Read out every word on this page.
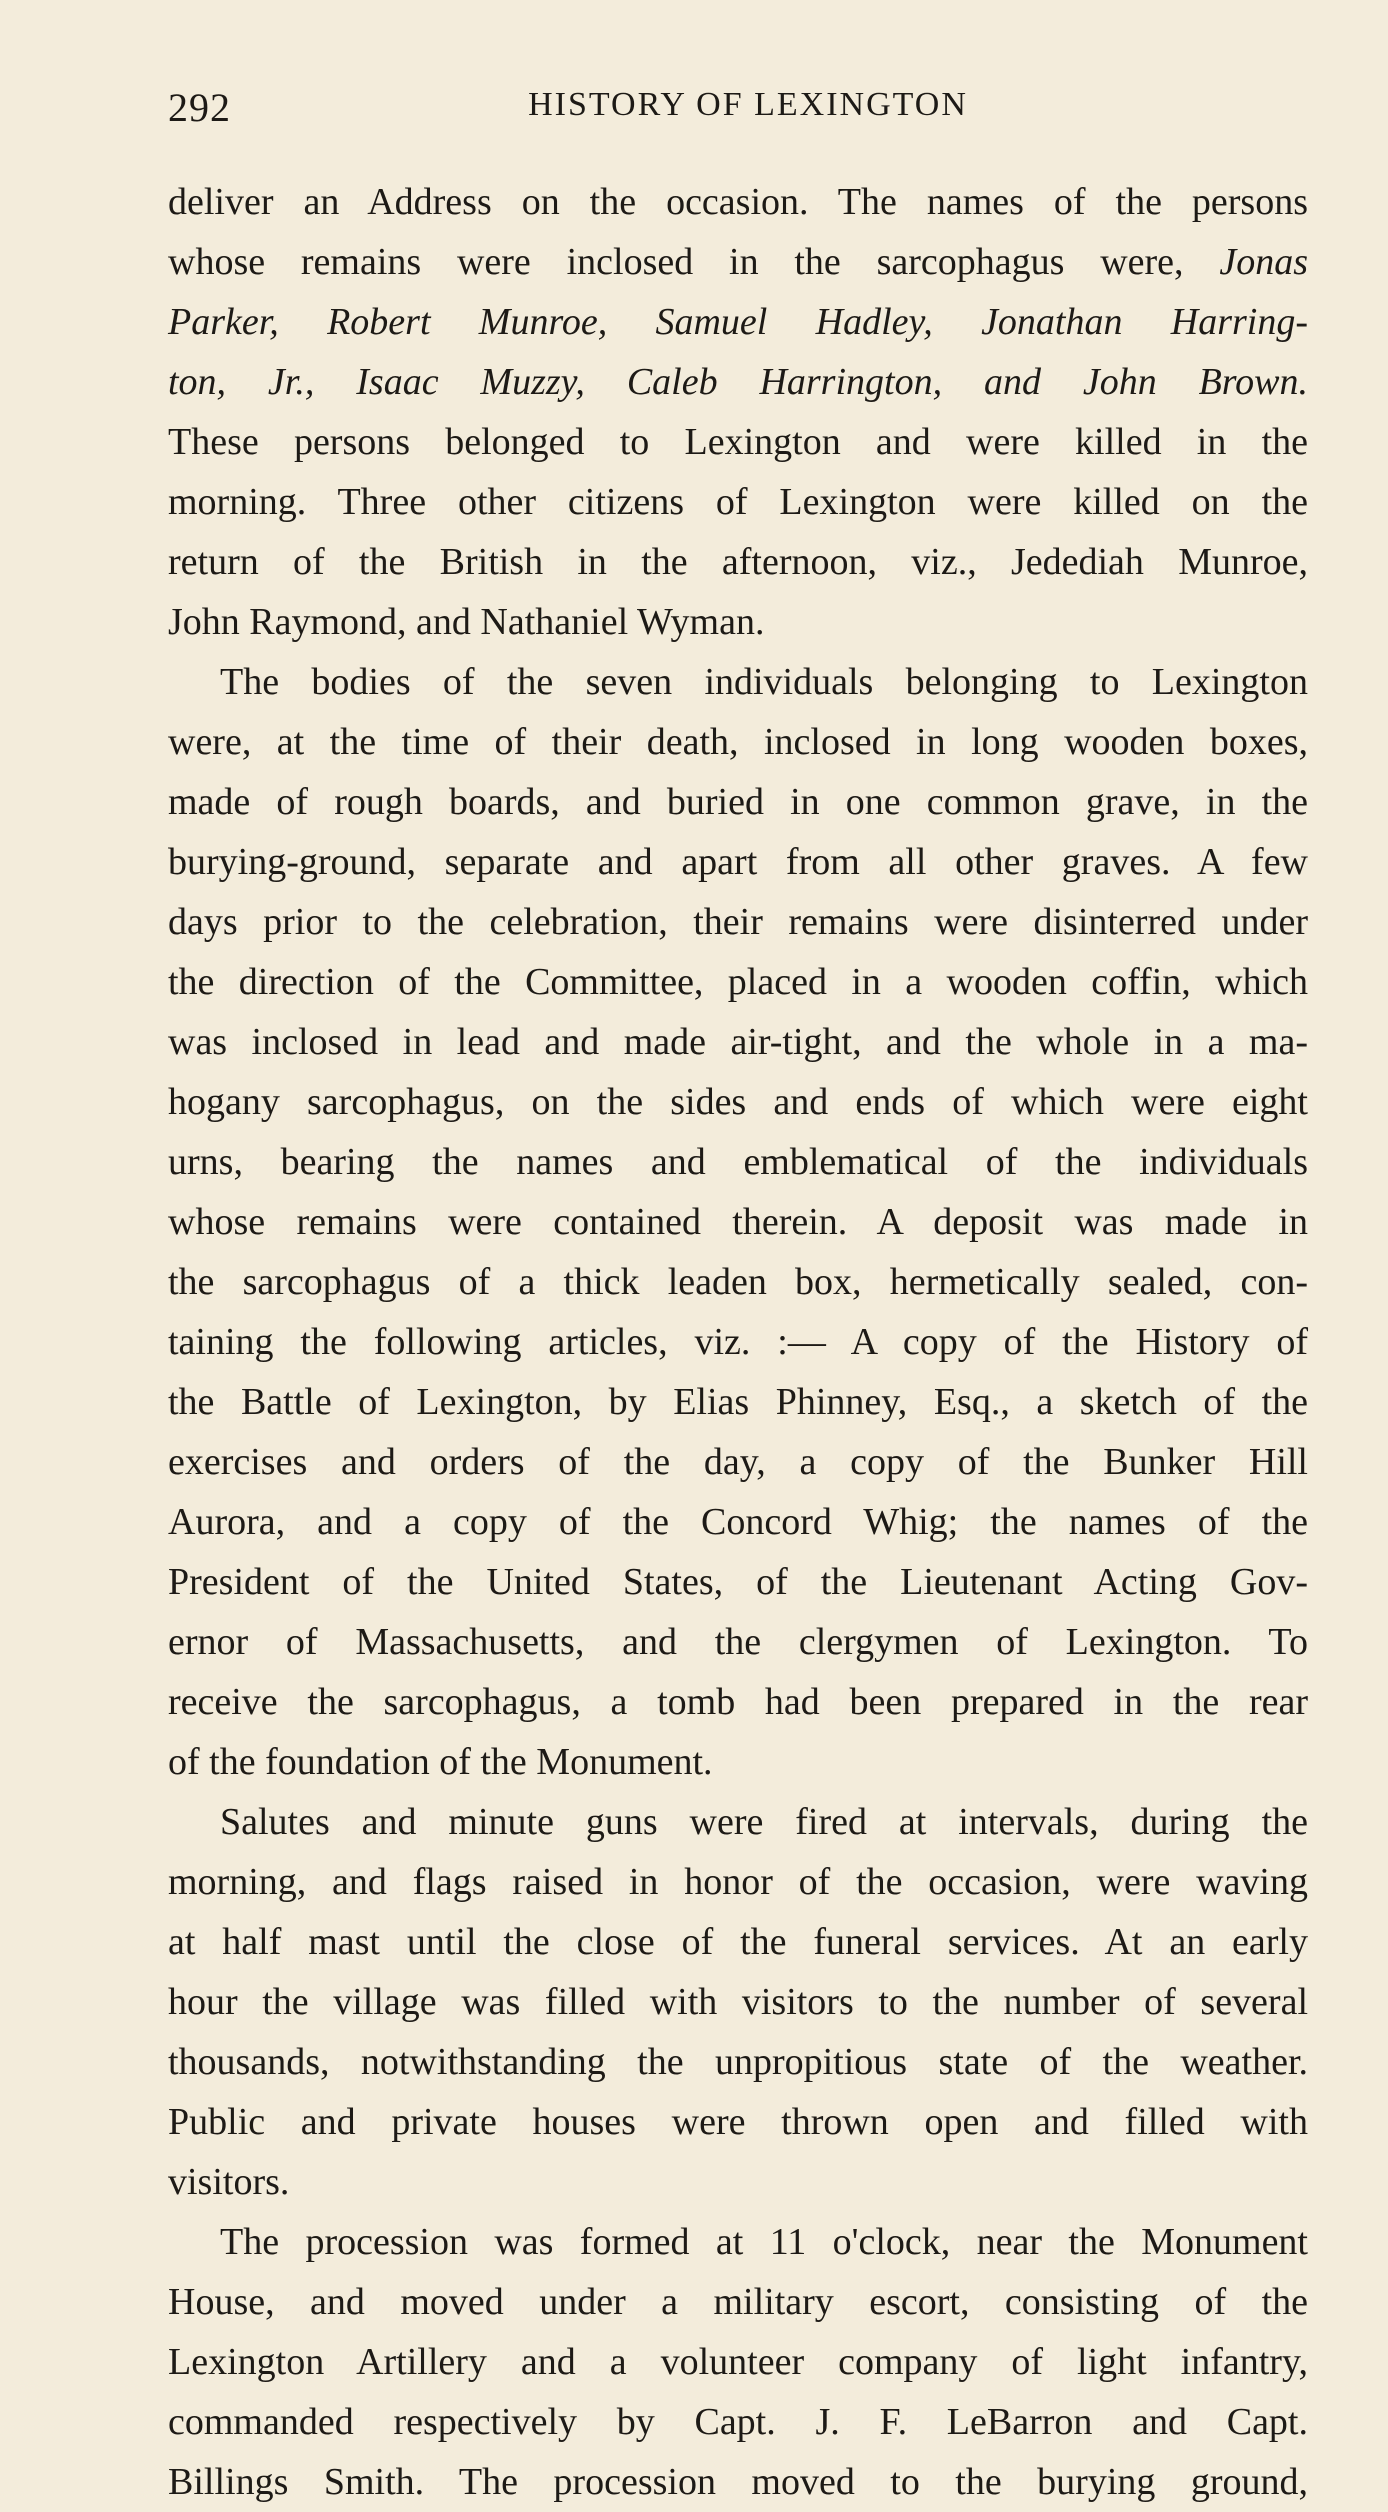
292	HISTORY OF LEXINGTON
deliver an Address on the occasion. The names of the persons
whose remains were inclosed in the sarcophagus were, Jonas
Parker, Robert Munroe, Samuel Hadley, Jonathan Harring-
ton, Jr., Isaac Muzzy, Caleb Harrington, and John Brown.
These persons belonged to Lexington and were killed in the
morning. Three other citizens of Lexington were killed on the
return of the British in the afternoon, viz., Jedediah Munroe,
John Raymond, and Nathaniel Wyman.
The bodies of the seven individuals belonging to Lexington
were, at the time of their death, inclosed in long wooden boxes,
made of rough boards, and buried in one common grave, in the
burying-ground, separate and apart from all other graves. A few
days prior to the celebration, their remains were disinterred under
the direction of the Committee, placed in a wooden coffin, which
was inclosed in lead and made air-tight, and the whole in a ma-
hogany sarcophagus, on the sides and ends of which were eight
urns, bearing the names and emblematical of the individuals
whose remains were contained therein. A deposit was made in
the sarcophagus of a thick leaden box, hermetically sealed, con-
taining the following articles, viz. :— A copy of the History of
the Battle of Lexington, by Elias Phinney, Esq., a sketch of the
exercises and orders of the day, a copy of the Bunker Hill
Aurora, and a copy of the Concord Whig; the names of the
President of the United States, of the Lieutenant Acting Gov-
ernor of Massachusetts, and the clergymen of Lexington. To
receive the sarcophagus, a tomb had been prepared in the rear
of the foundation of the Monument.
Salutes and minute guns were fired at intervals, during the
morning, and flags raised in honor of the occasion, were waving
at half mast until the close of the funeral services. At an early
hour the village was filled with visitors to the number of several
thousands, notwithstanding the unpropitious state of the weather.
Public and private houses were thrown open and filled with
visitors.
The procession was formed at 11 o'clock, near the Monument
House, and moved under a military escort, consisting of the
Lexington Artillery and a volunteer company of light infantry,
commanded respectively by Capt. J. F. LeBarron and Capt.
Billings Smith. The procession moved to the burying ground,
